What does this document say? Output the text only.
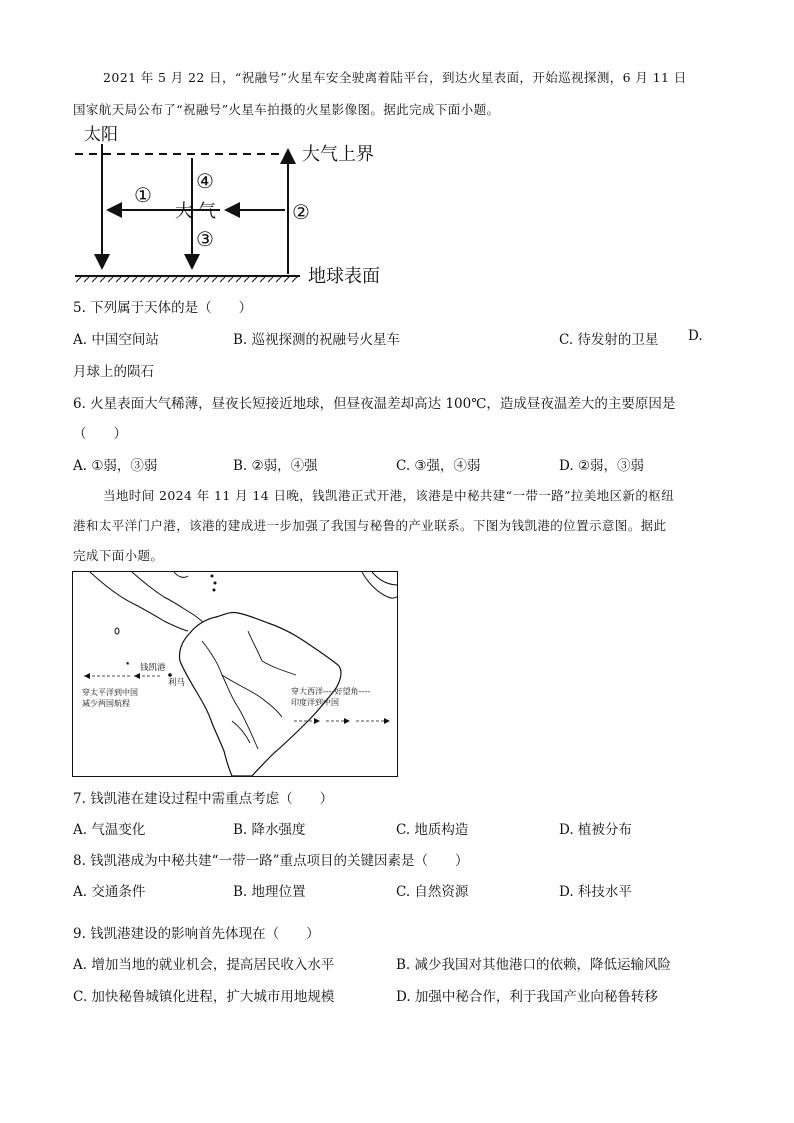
2021 年 5 月 22 日，“祝融号”火星车安全驶离着陆平台，到达火星表面，开始巡视探测，6 月 11 日
国家航天局公布了“祝融号”火星车拍摄的火星影像图。据此完成下面小题。
太阳
大气上界
地球表面
大 气
①
②
③
④
5. 下列属于天体的是（　　）
A. 中国空间站	B. 巡视探测的祝融号火星车	C. 待发射的卫星 D.
月球上的陨石
6. 火星表面大气稀薄，昼夜长短接近地球，但昼夜温差却高达 100℃，造成昼夜温差大的主要原因是
（　　）
A. ①弱，③弱	B. ②弱，④强	C. ③强，④弱	D. ②弱，③弱
当地时间 2024 年 11 月 14 日晚，钱凯港正式开港，该港是中秘共建“一带一路”拉美地区新的枢纽
港和太平洋门户港，该港的建成进一步加强了我国与秘鲁的产业联系。下图为钱凯港的位置示意图。据此
完成下面小题。
钱凯港
利马
穿太平洋到中国
减少两国航程
穿大西洋----好望角----
印度洋到中国
7. 钱凯港在建设过程中需重点考虑（　　）
A. 气温变化	B. 降水强度	C. 地质构造	D. 植被分布
8. 钱凯港成为中秘共建“一带一路”重点项目的关键因素是（　　）
A. 交通条件	B. 地理位置	C. 自然资源	D. 科技水平
9. 钱凯港建设的影响首先体现在（　　）
A. 增加当地的就业机会，提高居民收入水平	B. 减少我国对其他港口的依赖，降低运输风险
C. 加快秘鲁城镇化进程，扩大城市用地规模	D. 加强中秘合作，利于我国产业向秘鲁转移
